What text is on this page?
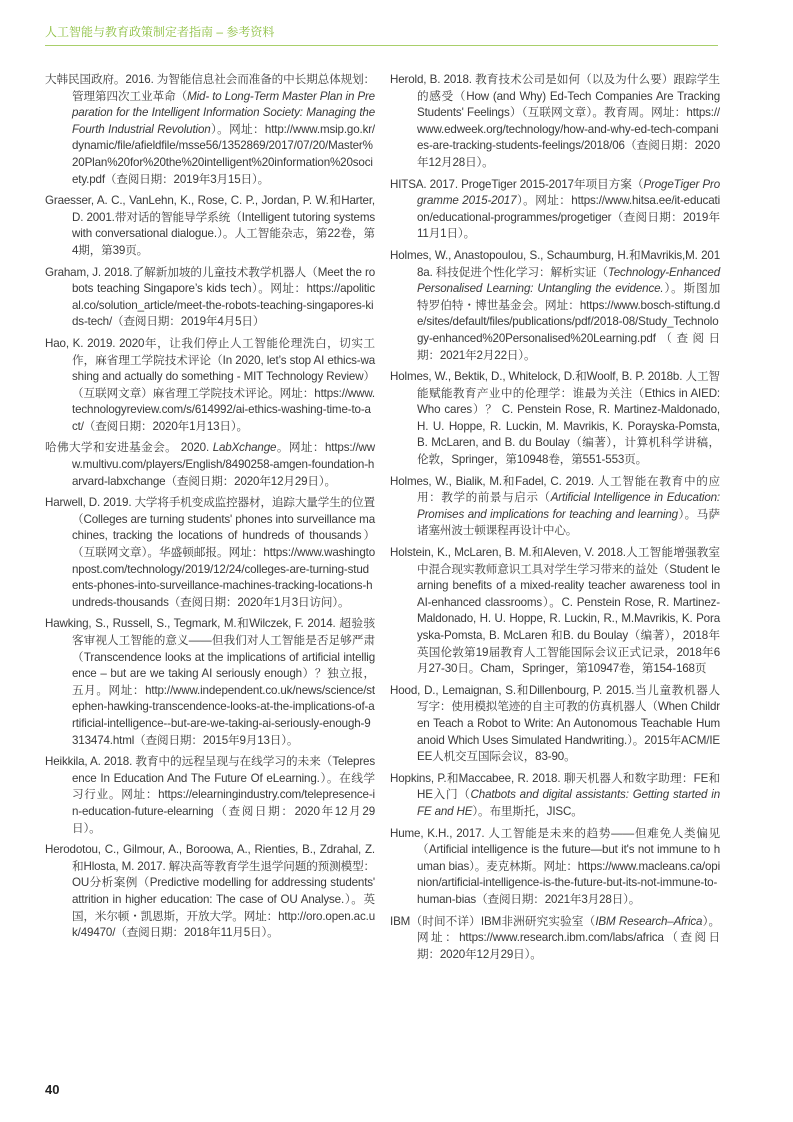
人工智能与教育政策制定者指南 – 参考资料
大韩民国政府。2016. 为智能信息社会而准备的中长期总体规划：管理第四次工业革命（Mid- to Long-Term Master Plan in Preparation for the Intelligent Information Society: Managing the Fourth Industrial Revolution）。网址：http://www.msip.go.kr/dynamic/file/afieldfile/msse56/1352869/2017/07/20/Master%20Plan%20for%20the%20intelligent%20information%20society.pdf（查阅日期：2019年3月15日）。
Graesser, A. C., VanLehn, K., Rose, C. P., Jordan, P. W.和Harter,D. 2001.带对话的智能导学系统（Intelligent tutoring systems with conversational dialogue.）。人工智能杂志，第22卷，第4期，第39页。
Graham, J. 2018.了解新加坡的儿童技术教学机器人（Meet the robots teaching Singapore’s kids tech）。网址：https://apolitical.co/solution_article/meet-the-robots-teaching-singapores-kids-tech/（查阅日期：2019年4月5日）
Hao, K. 2019. 2020年，让我们停止人工智能伦理洗白，切实工作，麻省理工学院技术评论（In 2020, let’s stop AI ethics-washing and actually do something - MIT Technology Review）（互联网文章）麻省理工学院技术评论。网址：https://www.technologyreview.com/s/614992/ai-ethics-washing-time-to-act/（查阅日期：2020年1月13日）。
哈佛大学和安进基金会。 2020. LabXchange。网址：https://www.multivu.com/players/English/8490258-amgen-foundation-harvard-labxchange（查阅日期：2020年12月29日）。
Harwell, D. 2019. 大学将手机变成监控器材，追踪大量学生的位置（Colleges are turning students' phones into surveillance machines, tracking the locations of hundreds of thousands）（互联网文章）。华盛顿邮报。网址：https://www.washingtonpost.com/technology/2019/12/24/colleges-are-turning-students-phones-into-surveillance-machines-tracking-locations-hundreds-thousands（查阅日期：2020年1月3日访问）。
Hawking, S., Russell, S., Tegmark, M.和Wilczek, F. 2014. 超验骇客审视人工智能的意义——但我们对人工智能是否足够严肃（Transcendence looks at the implications of artificial intelligence – but are we taking AI seriously enough）？独立报，五月。网址：http://www.independent.co.uk/news/science/stephen-hawking-transcendence-looks-at-the-implications-of-artificial-intelligence--but-are-we-taking-ai-seriously-enough-9313474.html（查阅日期：2015年9月13日）。
Heikkila, A. 2018. 教育中的远程呈现与在线学习的未来（Telepresence In Education And The Future Of eLearning.）。在线学习行业。网址：https://elearningindustry.com/telepresence-in-education-future-elearning（查阅日期：2020年12月29日）。
Herodotou, C., Gilmour, A., Boroowa, A., Rienties, B., Zdrahal, Z.和Hlosta, M. 2017. 解决高等教育学生退学问题的预测模型：OU分析案例（Predictive modelling for addressing students' attrition in higher education: The case of OU Analyse.）。英国，米尔顿・凯恩斯，开放大学。网址：http://oro.open.ac.uk/49470/（查阅日期：2018年11月5日）。
Herold, B. 2018. 教育技术公司是如何（以及为什么要）跟踪学生的感受（How (and Why) Ed-Tech Companies Are Tracking Students' Feelings）（互联网文章）。教育周。网址：https://www.edweek.org/technology/how-and-why-ed-tech-companies-are-tracking-students-feelings/2018/06（查阅日期：2020年12月28日）。
HITSA. 2017. ProgeTiger 2015-2017年项目方案（ProgeTiger Programme 2015-2017）。网址：https://www.hitsa.ee/it-education/educational-programmes/progetiger（查阅日期：2019年11月1日）。
Holmes, W., Anastopoulou, S., Schaumburg, H.和Mavrikis,M. 2018a. 科技促进个性化学习：解析实证（Technology-Enhanced Personalised Learning: Untangling the evidence.）。斯图加特罗伯特・博世基金会。网址：https://www.bosch-stiftung.de/sites/default/files/publications/pdf/2018-08/Study_Technology-enhanced%20Personalised%20Learning.pdf（查阅日期：2021年2月22日）。
Holmes, W., Bektik, D., Whitelock, D.和Woolf, B. P. 2018b. 人工智能赋能教育产业中的伦理学：谁最为关注（Ethics in AIED: Who cares）？ C. Penstein Rose, R. Martinez-Maldonado, H. U. Hoppe, R. Luckin, M. Mavrikis, K. Porayska-Pomsta, B. McLaren, and B. du Boulay（编著），计算机科学讲稿，伦敦，Springer，第10948卷，第551-553页。
Holmes, W., Bialik, M.和Fadel, C. 2019. 人工智能在教育中的应用：教学的前景与启示（Artificial Intelligence in Education: Promises and implications for teaching and learning）。马萨诸塞州波士顿课程再设计中心。
Holstein, K., McLaren, B. M.和Aleven, V. 2018.人工智能增强教室中混合现实教师意识工具对学生学习带来的益处（Student learning benefits of a mixed-reality teacher awareness tool in AI-enhanced classrooms）。C. Penstein Rose, R. Martinez-Maldonado, H. U. Hoppe, R. Luckin, R., M.Mavrikis, K. Porayska-Pomsta, B. McLaren 和B. du Boulay（编著），2018年英国伦敦第19届教育人工智能国际会议正式记录，2018年6月27-30日。Cham，Springer，第10947卷，第154-168页
Hood, D., Lemaignan, S.和Dillenbourg, P. 2015.当儿童教机器人写字：使用模拟笔迹的自主可教的仿真机器人（When Children Teach a Robot to Write: An Autonomous Teachable Humanoid Which Uses Simulated Handwriting.）。2015年ACM/IEEE人机交互国际会议，83-90。
Hopkins, P.和Maccabee, R. 2018. 聊天机器人和数字助理：FE和HE入门（Chatbots and digital assistants: Getting started in FE and HE）。布里斯托，JISC。
Hume, K.H., 2017. 人工智能是未来的趋势——但难免人类偏见（Artificial intelligence is the future—but it's not immune to human bias）。麦克林斯。网址：https://www.macleans.ca/opinion/artificial-intelligence-is-the-future-but-its-not-immune-to-human-bias（查阅日期：2021年3月28日）。
IBM（时间不详）IBM非洲研究实验室（IBM Research–Africa）。网址：https://www.research.ibm.com/labs/africa（查阅日期：2020年12月29日）。
40
